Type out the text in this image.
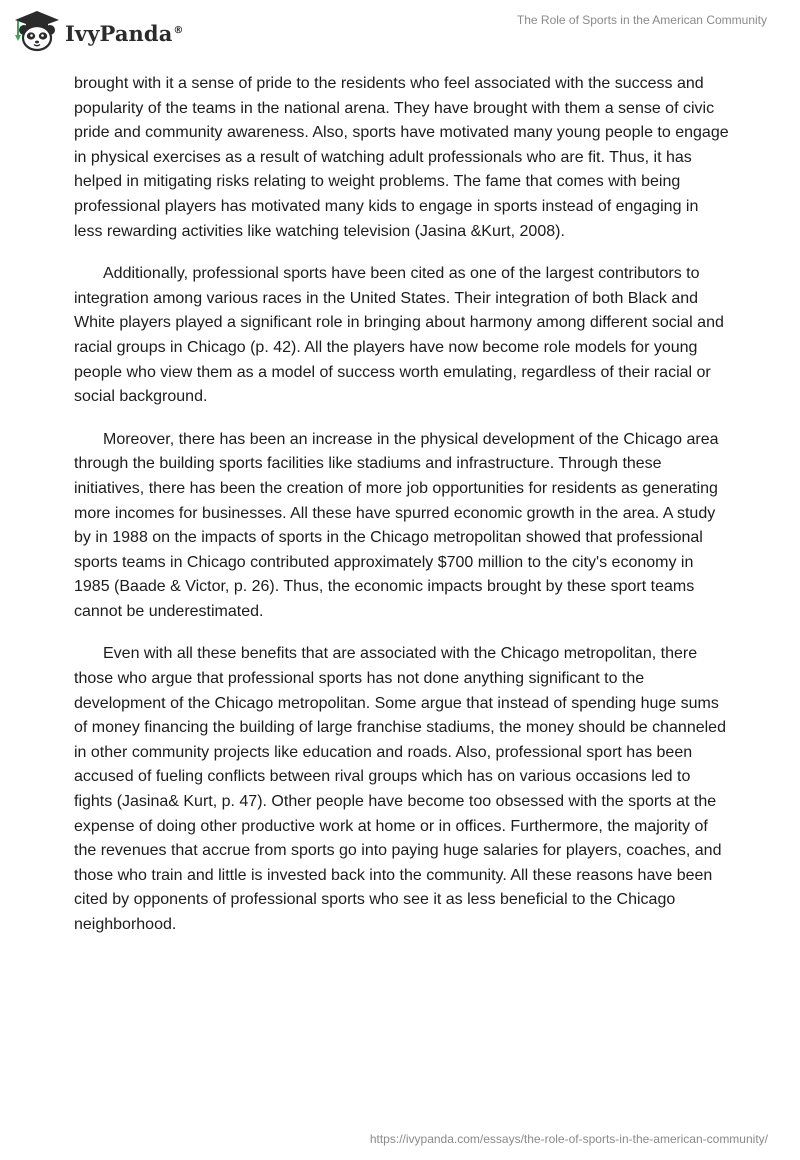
IvyPanda®
The Role of Sports in the American Community

brought with it a sense of pride to the residents who feel associated with the success and popularity of the teams in the national arena. They have brought with them a sense of civic pride and community awareness. Also, sports have motivated many young people to engage in physical exercises as a result of watching adult professionals who are fit. Thus, it has helped in mitigating risks relating to weight problems. The fame that comes with being professional players has motivated many kids to engage in sports instead of engaging in less rewarding activities like watching television (Jasina &Kurt, 2008).

Additionally, professional sports have been cited as one of the largest contributors to integration among various races in the United States. Their integration of both Black and White players played a significant role in bringing about harmony among different social and racial groups in Chicago (p. 42). All the players have now become role models for young people who view them as a model of success worth emulating, regardless of their racial or social background.

Moreover, there has been an increase in the physical development of the Chicago area through the building sports facilities like stadiums and infrastructure. Through these initiatives, there has been the creation of more job opportunities for residents as generating more incomes for businesses. All these have spurred economic growth in the area. A study by in 1988 on the impacts of sports in the Chicago metropolitan showed that professional sports teams in Chicago contributed approximately $700 million to the city's economy in 1985 (Baade & Victor, p. 26). Thus, the economic impacts brought by these sport teams cannot be underestimated.

Even with all these benefits that are associated with the Chicago metropolitan, there those who argue that professional sports has not done anything significant to the development of the Chicago metropolitan. Some argue that instead of spending huge sums of money financing the building of large franchise stadiums, the money should be channeled in other community projects like education and roads. Also, professional sport has been accused of fueling conflicts between rival groups which has on various occasions led to fights (Jasina& Kurt, p. 47). Other people have become too obsessed with the sports at the expense of doing other productive work at home or in offices. Furthermore, the majority of the revenues that accrue from sports go into paying huge salaries for players, coaches, and those who train and little is invested back into the community. All these reasons have been cited by opponents of professional sports who see it as less beneficial to the Chicago neighborhood.

https://ivypanda.com/essays/the-role-of-sports-in-the-american-community/
